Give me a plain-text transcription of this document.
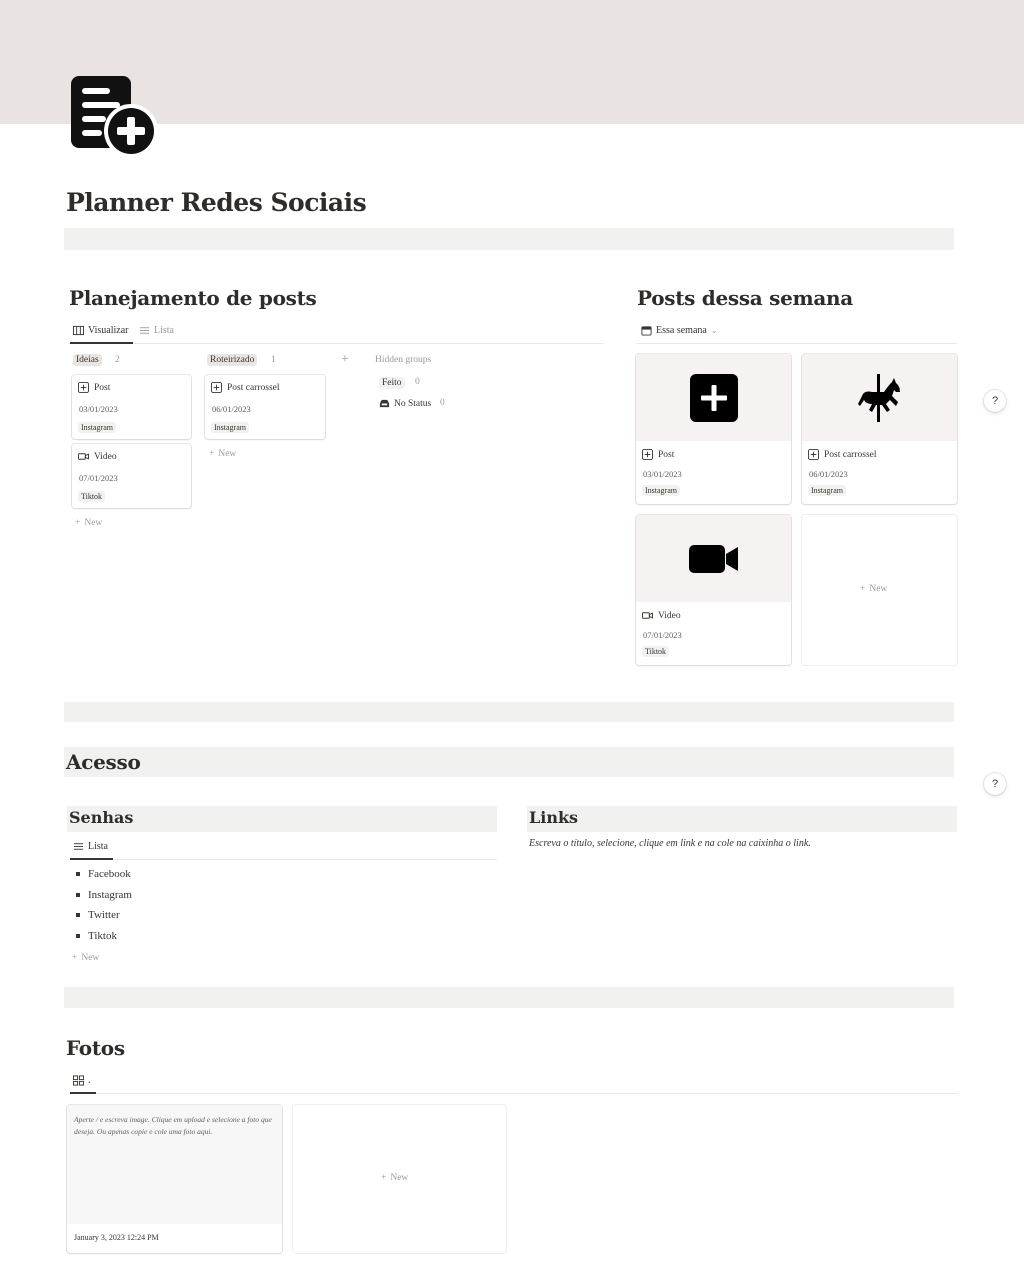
Planner Redes Sociais
Planejamento de posts
Visualizar	Lista
Ideias	2
Post
03/01/2023
Instagram
Video
07/01/2023
Tiktok
+ New
Roteirizado	1
Post carrossel
06/01/2023
Instagram
+ New
+	Hidden groups
Feito	0
No Status 0
Posts dessa semana
Essa semana ⌄
Post
03/01/2023
Instagram
Post carrossel
06/01/2023
Instagram
Video
07/01/2023
Tiktok
+ New
?
Acesso
?
Senhas
Lista
Facebook
Instagram
Twitter
Tiktok
+ New
Links
Escreva o título, selecione, clique em link e na cole na caixinha o link.
Fotos
.
Aperte / e escreva image. Clique em upload e selecione a foto que deseja. Ou apenas copie e cole uma foto aqui.
January 3, 2023 12:24 PM
+ New
